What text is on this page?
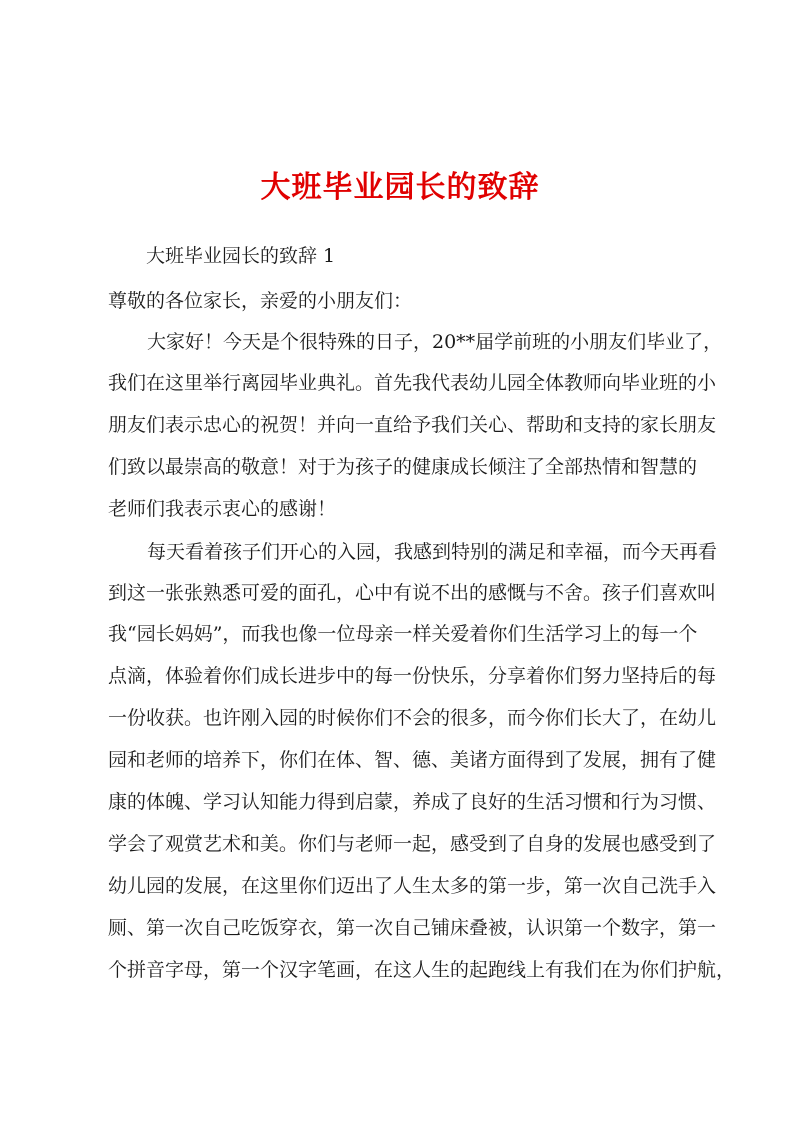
大班毕业园长的致辞
大班毕业园长的致辞 1
尊敬的各位家长，亲爱的小朋友们：
大家好！今天是个很特殊的日子，20**届学前班的小朋友们毕业了，
我们在这里举行离园毕业典礼。首先我代表幼儿园全体教师向毕业班的小
朋友们表示忠心的祝贺！并向一直给予我们关心、帮助和支持的家长朋友
们致以最崇高的敬意！对于为孩子的健康成长倾注了全部热情和智慧的
老师们我表示衷心的感谢！
每天看着孩子们开心的入园，我感到特别的满足和幸福，而今天再看
到这一张张熟悉可爱的面孔，心中有说不出的感慨与不舍。孩子们喜欢叫
我“园长妈妈”，而我也像一位母亲一样关爱着你们生活学习上的每一个
点滴，体验着你们成长进步中的每一份快乐，分享着你们努力坚持后的每
一份收获。也许刚入园的时候你们不会的很多，而今你们长大了，在幼儿
园和老师的培养下，你们在体、智、德、美诸方面得到了发展，拥有了健
康的体魄、学习认知能力得到启蒙，养成了良好的生活习惯和行为习惯、
学会了观赏艺术和美。你们与老师一起，感受到了自身的发展也感受到了
幼儿园的发展，在这里你们迈出了人生太多的第一步，第一次自己洗手入
厕、第一次自己吃饭穿衣，第一次自己铺床叠被，认识第一个数字，第一
个拼音字母，第一个汉字笔画，在这人生的起跑线上有我们在为你们护航，
